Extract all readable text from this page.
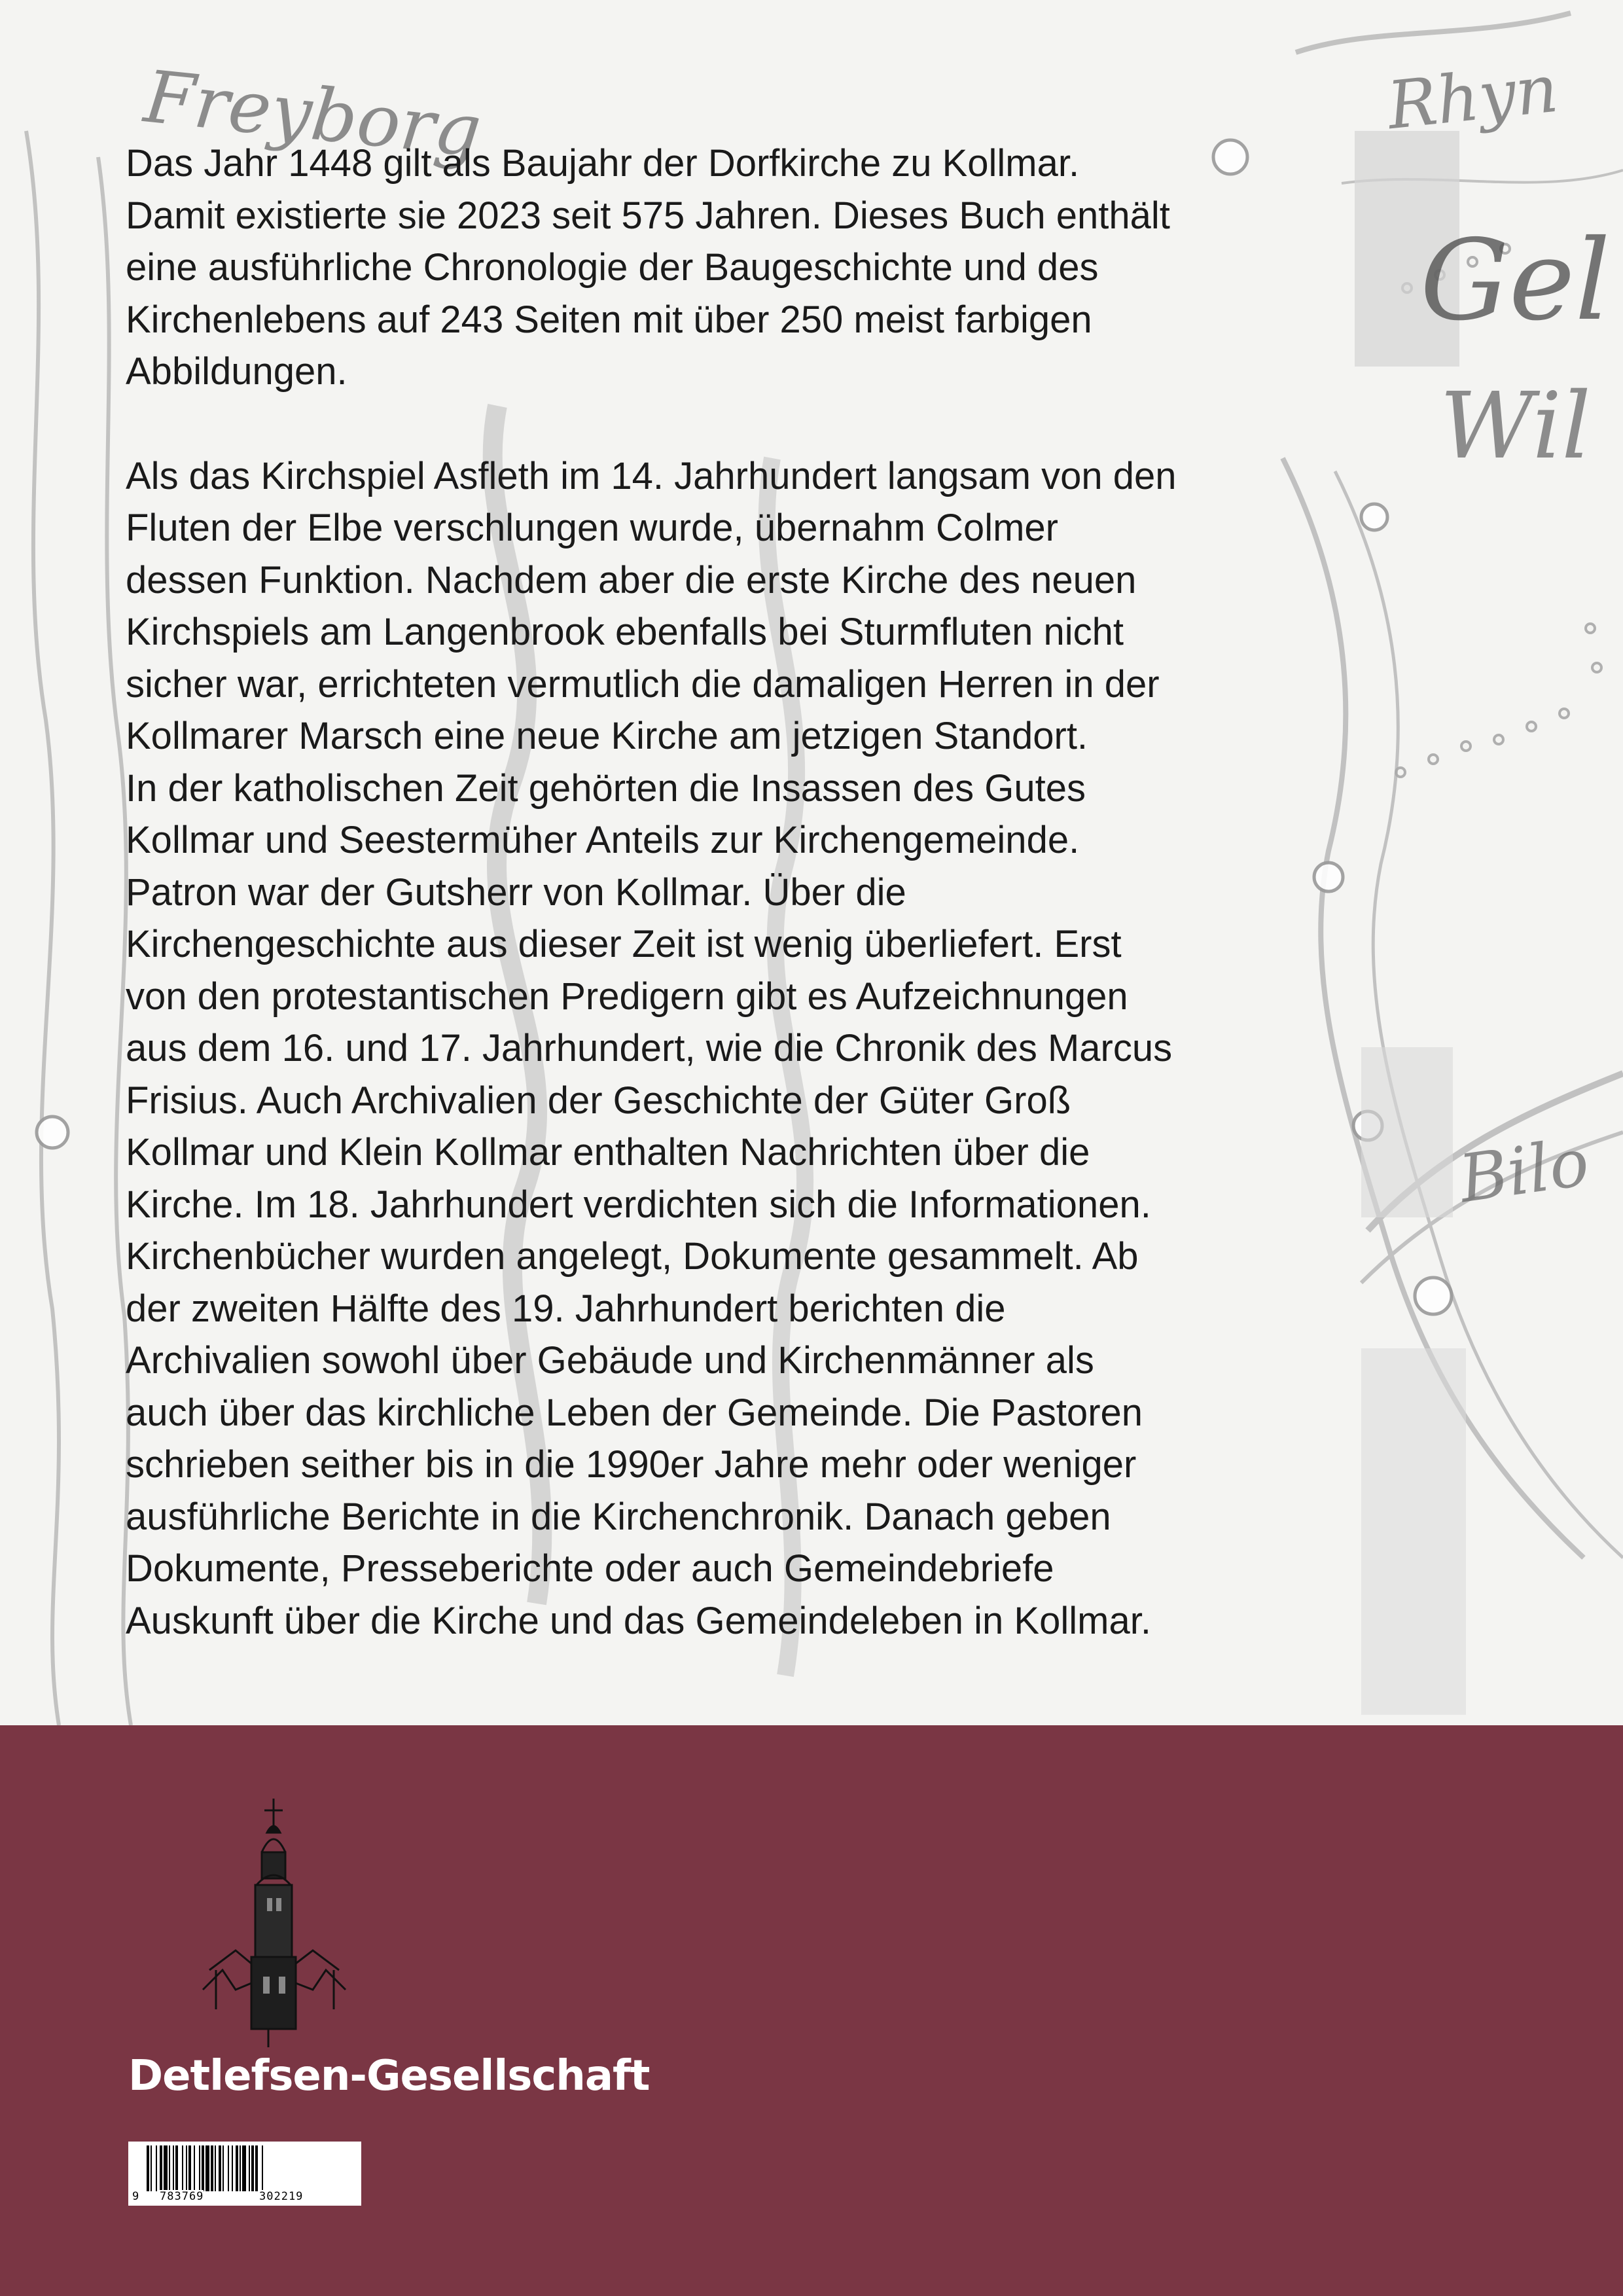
Freyborg	Rhyn
Gel
Wil
Bilo

Das Jahr 1448 gilt als Baujahr der Dorfkirche zu Kollmar.
Damit existierte sie 2023 seit 575 Jahren. Dieses Buch enthält
eine ausführliche Chronologie der Baugeschichte und des
Kirchenlebens auf 243 Seiten mit über 250 meist farbigen
Abbildungen.

Als das Kirchspiel Asfleth im 14. Jahrhundert langsam von den
Fluten der Elbe verschlungen wurde, übernahm Colmer
dessen Funktion. Nachdem aber die erste Kirche des neuen
Kirchspiels am Langenbrook ebenfalls bei Sturmfluten nicht
sicher war, errichteten vermutlich die damaligen Herren in der
Kollmarer Marsch eine neue Kirche am jetzigen Standort.
In der katholischen Zeit gehörten die Insassen des Gutes
Kollmar und Seestermüher Anteils zur Kirchengemeinde.
Patron war der Gutsherr von Kollmar. Über die
Kirchengeschichte aus dieser Zeit ist wenig überliefert. Erst
von den protestantischen Predigern gibt es Aufzeichnungen
aus dem 16. und 17. Jahrhundert, wie die Chronik des Marcus
Frisius. Auch Archivalien der Geschichte der Güter Groß
Kollmar und Klein Kollmar enthalten Nachrichten über die
Kirche. Im 18. Jahrhundert verdichten sich die Informationen.
Kirchenbücher wurden angelegt, Dokumente gesammelt. Ab
der zweiten Hälfte des 19. Jahrhundert berichten die
Archivalien sowohl über Gebäude und Kirchenmänner als
auch über das kirchliche Leben der Gemeinde. Die Pastoren
schrieben seither bis in die 1990er Jahre mehr oder weniger
ausführliche Berichte in die Kirchenchronik. Danach geben
Dokumente, Presseberichte oder auch Gemeindebriefe
Auskunft über die Kirche und das Gemeindeleben in Kollmar.

Detlefsen-Gesellschaft
9 783769	302219
